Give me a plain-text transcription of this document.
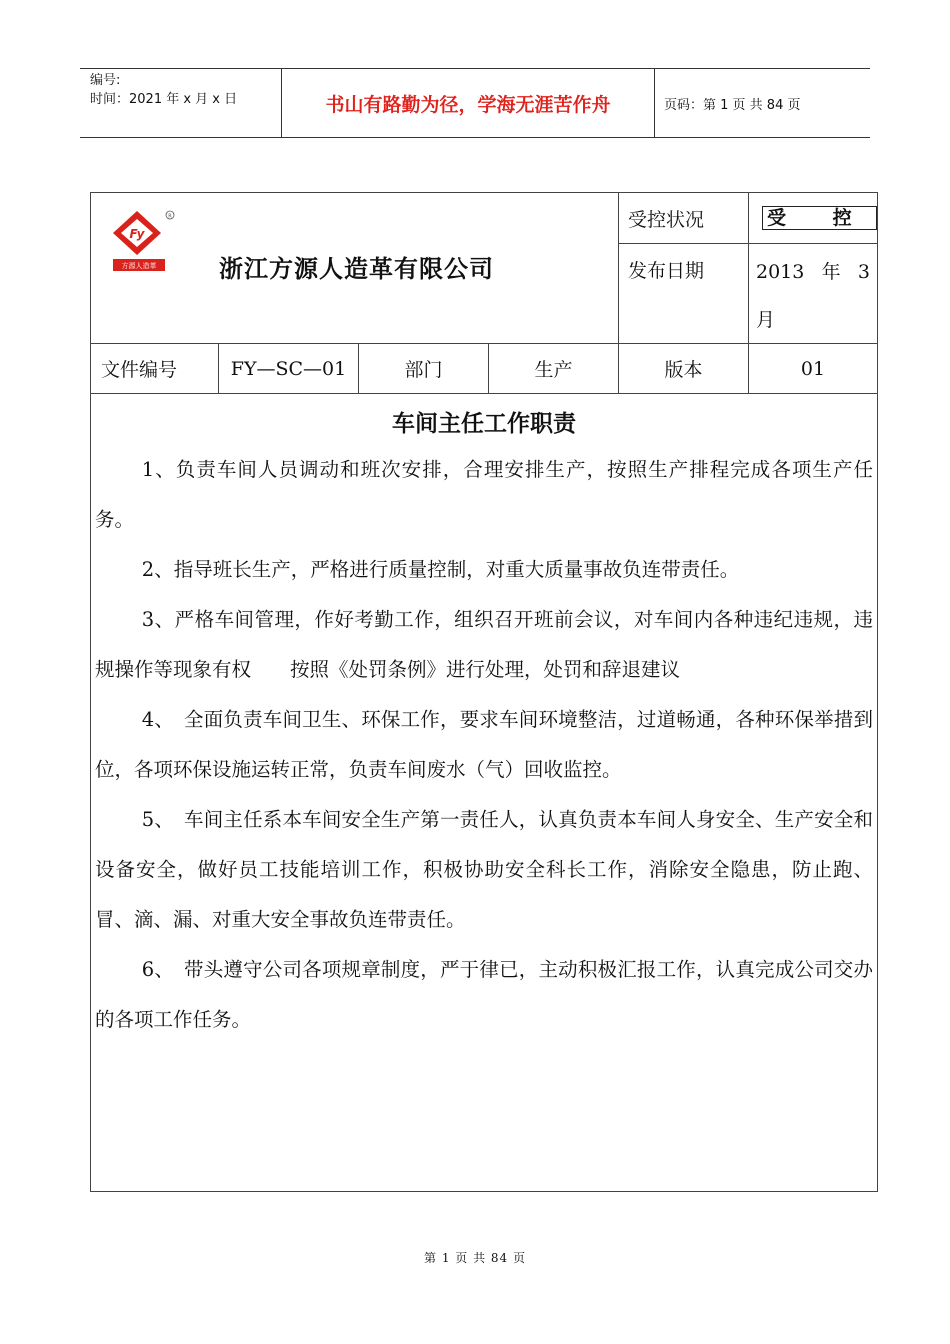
编号:
时间：2021 年 x 月 x 日	书山有路勤为径，学海无涯苦作舟	页码：第 1 页 共 84 页
Fy
R
方源人造革	浙江方源人造革有限公司
受控状况	受 控
发布日期	2013 年 3
月
文件编号	FY—SC—01	部门	生产	版本	01
车间主任工作职责

1、负责车间人员调动和班次安排，合理安排生产，按照生产排程完成各项生产任务。

2、指导班长生产，严格进行质量控制，对重大质量事故负连带责任。

3、严格车间管理，作好考勤工作，组织召开班前会议，对车间内各种违纪违规，违规操作等现象有权　　按照《处罚条例》进行处理，处罚和辞退建议

4、　全面负责车间卫生、环保工作，要求车间环境整洁，过道畅通，各种环保举措到位，各项环保设施运转正常，负责车间废水（气）回收监控。

5、　车间主任系本车间安全生产第一责任人，认真负责本车间人身安全、生产安全和设备安全，做好员工技能培训工作，积极协助安全科长工作，消除安全隐患，防止跑、冒、滴、漏、对重大安全事故负连带责任。

6、　带头遵守公司各项规章制度，严于律已，主动积极汇报工作，认真完成公司交办的各项工作任务。

第 1 页 共 84 页
